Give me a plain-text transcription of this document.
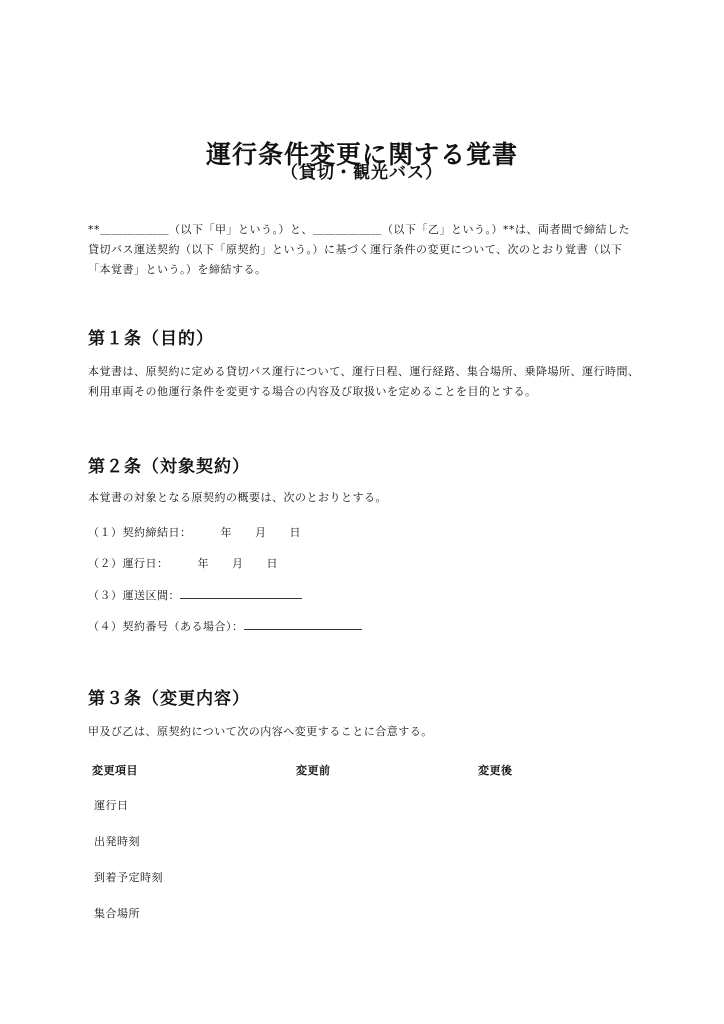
運行条件変更に関する覚書
（貸切・観光バス）

**＿＿＿＿＿＿（以下「甲」という。）と、＿＿＿＿＿＿（以下「乙」という。）**は、両者間で締結した貸切バス運送契約（以下「原契約」という。）に基づく運行条件の変更について、次のとおり覚書（以下「本覚書」という。）を締結する。

第１条（目的）

本覚書は、原契約に定める貸切バス運行について、運行日程、運行経路、集合場所、乗降場所、運行時間、利用車両その他運行条件を変更する場合の内容及び取扱いを定めることを目的とする。

第２条（対象契約）

本覚書の対象となる原契約の概要は、次のとおりとする。

（１）契約締結日：　　　年　　月　　日

（２）運行日：　　　年　　月　　日

（３）運送区間：

（４）契約番号（ある場合）：

第３条（変更内容）

甲及び乙は、原契約について次の内容へ変更することに合意する。

変更項目	変更前	変更後
運行日
出発時刻
到着予定時刻
集合場所
